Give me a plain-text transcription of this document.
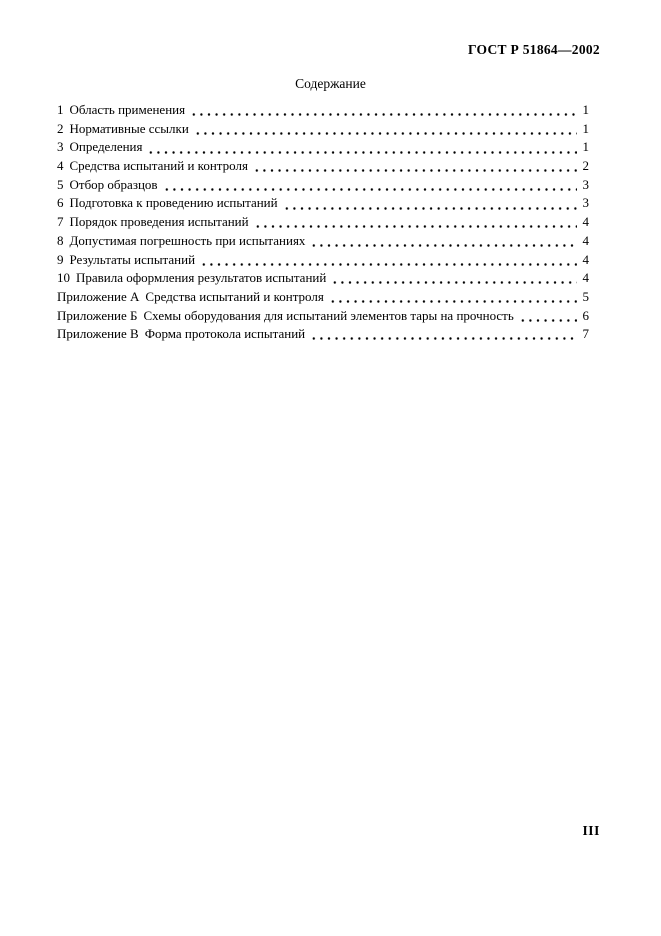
ГОСТ Р 51864—2002
Содержание
1 Область применения	1
2 Нормативные ссылки	1
3 Определения	1
4 Средства испытаний и контроля	2
5 Отбор образцов	3
6 Подготовка к проведению испытаний	3
7 Порядок проведения испытаний	4
8 Допустимая погрешность при испытаниях	4
9 Результаты испытаний	4
10 Правила оформления результатов испытаний	4
Приложение А Средства испытаний и контроля	5
Приложение Б Схемы оборудования для испытаний элементов тары на прочность	6
Приложение В Форма протокола испытаний	7
III
